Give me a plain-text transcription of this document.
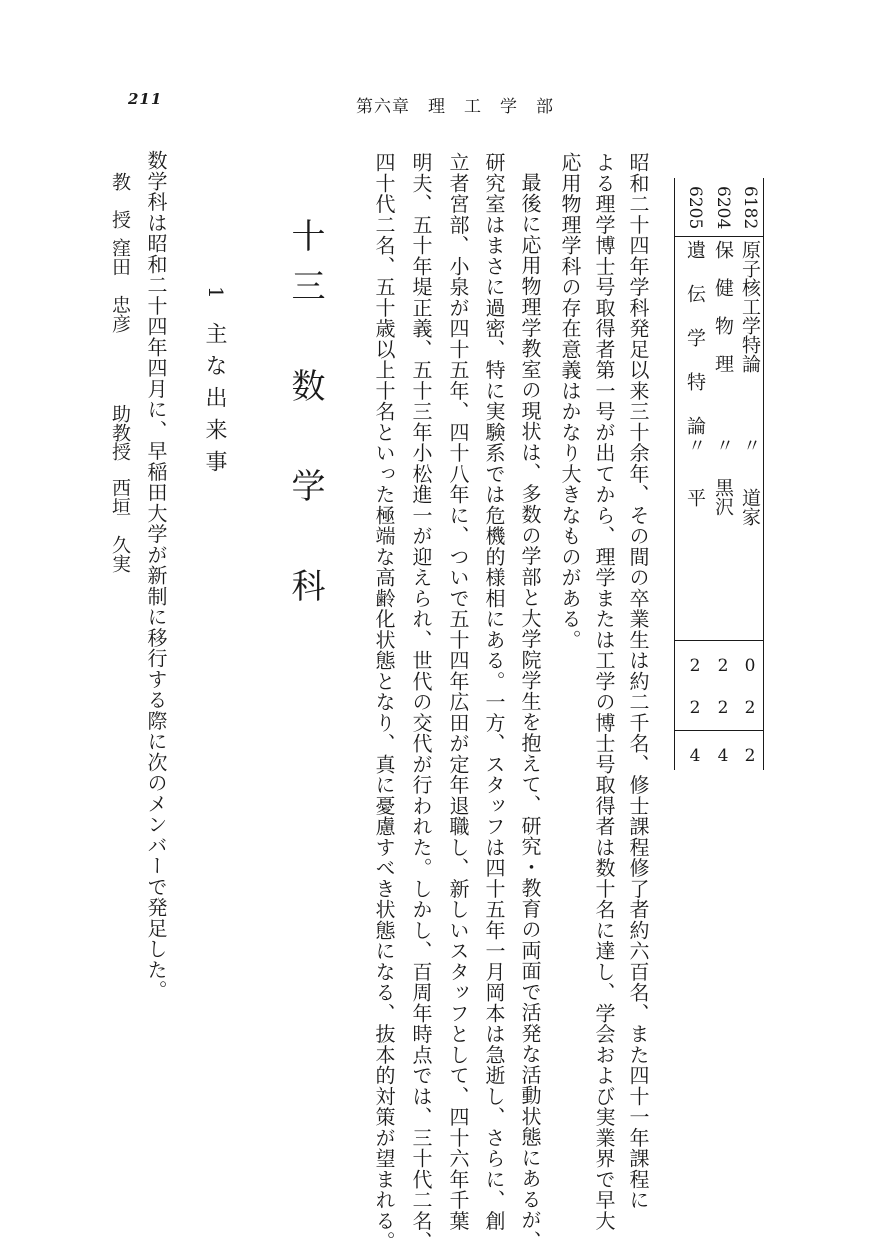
211	第六章　理　工　学　部
6182
原子核工学特論
〃
道家
0
2
2
6204
保　健　物　理
〃
黒沢
2
2
4
6205
遺　伝　学　特　論
〃
平
2
2
4
昭和二十四年学科発足以来三十余年、その間の卒業生は約二千名、修士課程修了者約六百名、また四十一年課程に
よる理学博士号取得者第一号が出てから、理学または工学の博士号取得者は数十名に達し、学会および実業界で早大
応用物理学科の存在意義はかなり大きなものがある。
最後に応用物理学教室の現状は、多数の学部と大学院学生を抱えて、研究・教育の両面で活発な活動状態にあるが、
研究室はまさに過密、特に実験系では危機的様相にある。一方、スタッフは四十五年一月岡本は急逝し、さらに、創
立者宮部、小泉が四十五年、四十八年に、ついで五十四年広田が定年退職し、新しいスタッフとして、四十六年千葉
明夫、五十年堤正義、五十三年小松進一が迎えられ、世代の交代が行われた。しかし、百周年時点では、三十代二名、
四十代二名、五十歳以上十名といった極端な高齢化状態となり、真に憂慮すべき状態になる、抜本的対策が望まれる。
十三　数　学　科
1
主な出来事
数学科は昭和二十四年四月に、早稲田大学が新制に移行する際に次のメンバーで発足した。
教　授
窪田　忠彦
助教授
西垣　久実
